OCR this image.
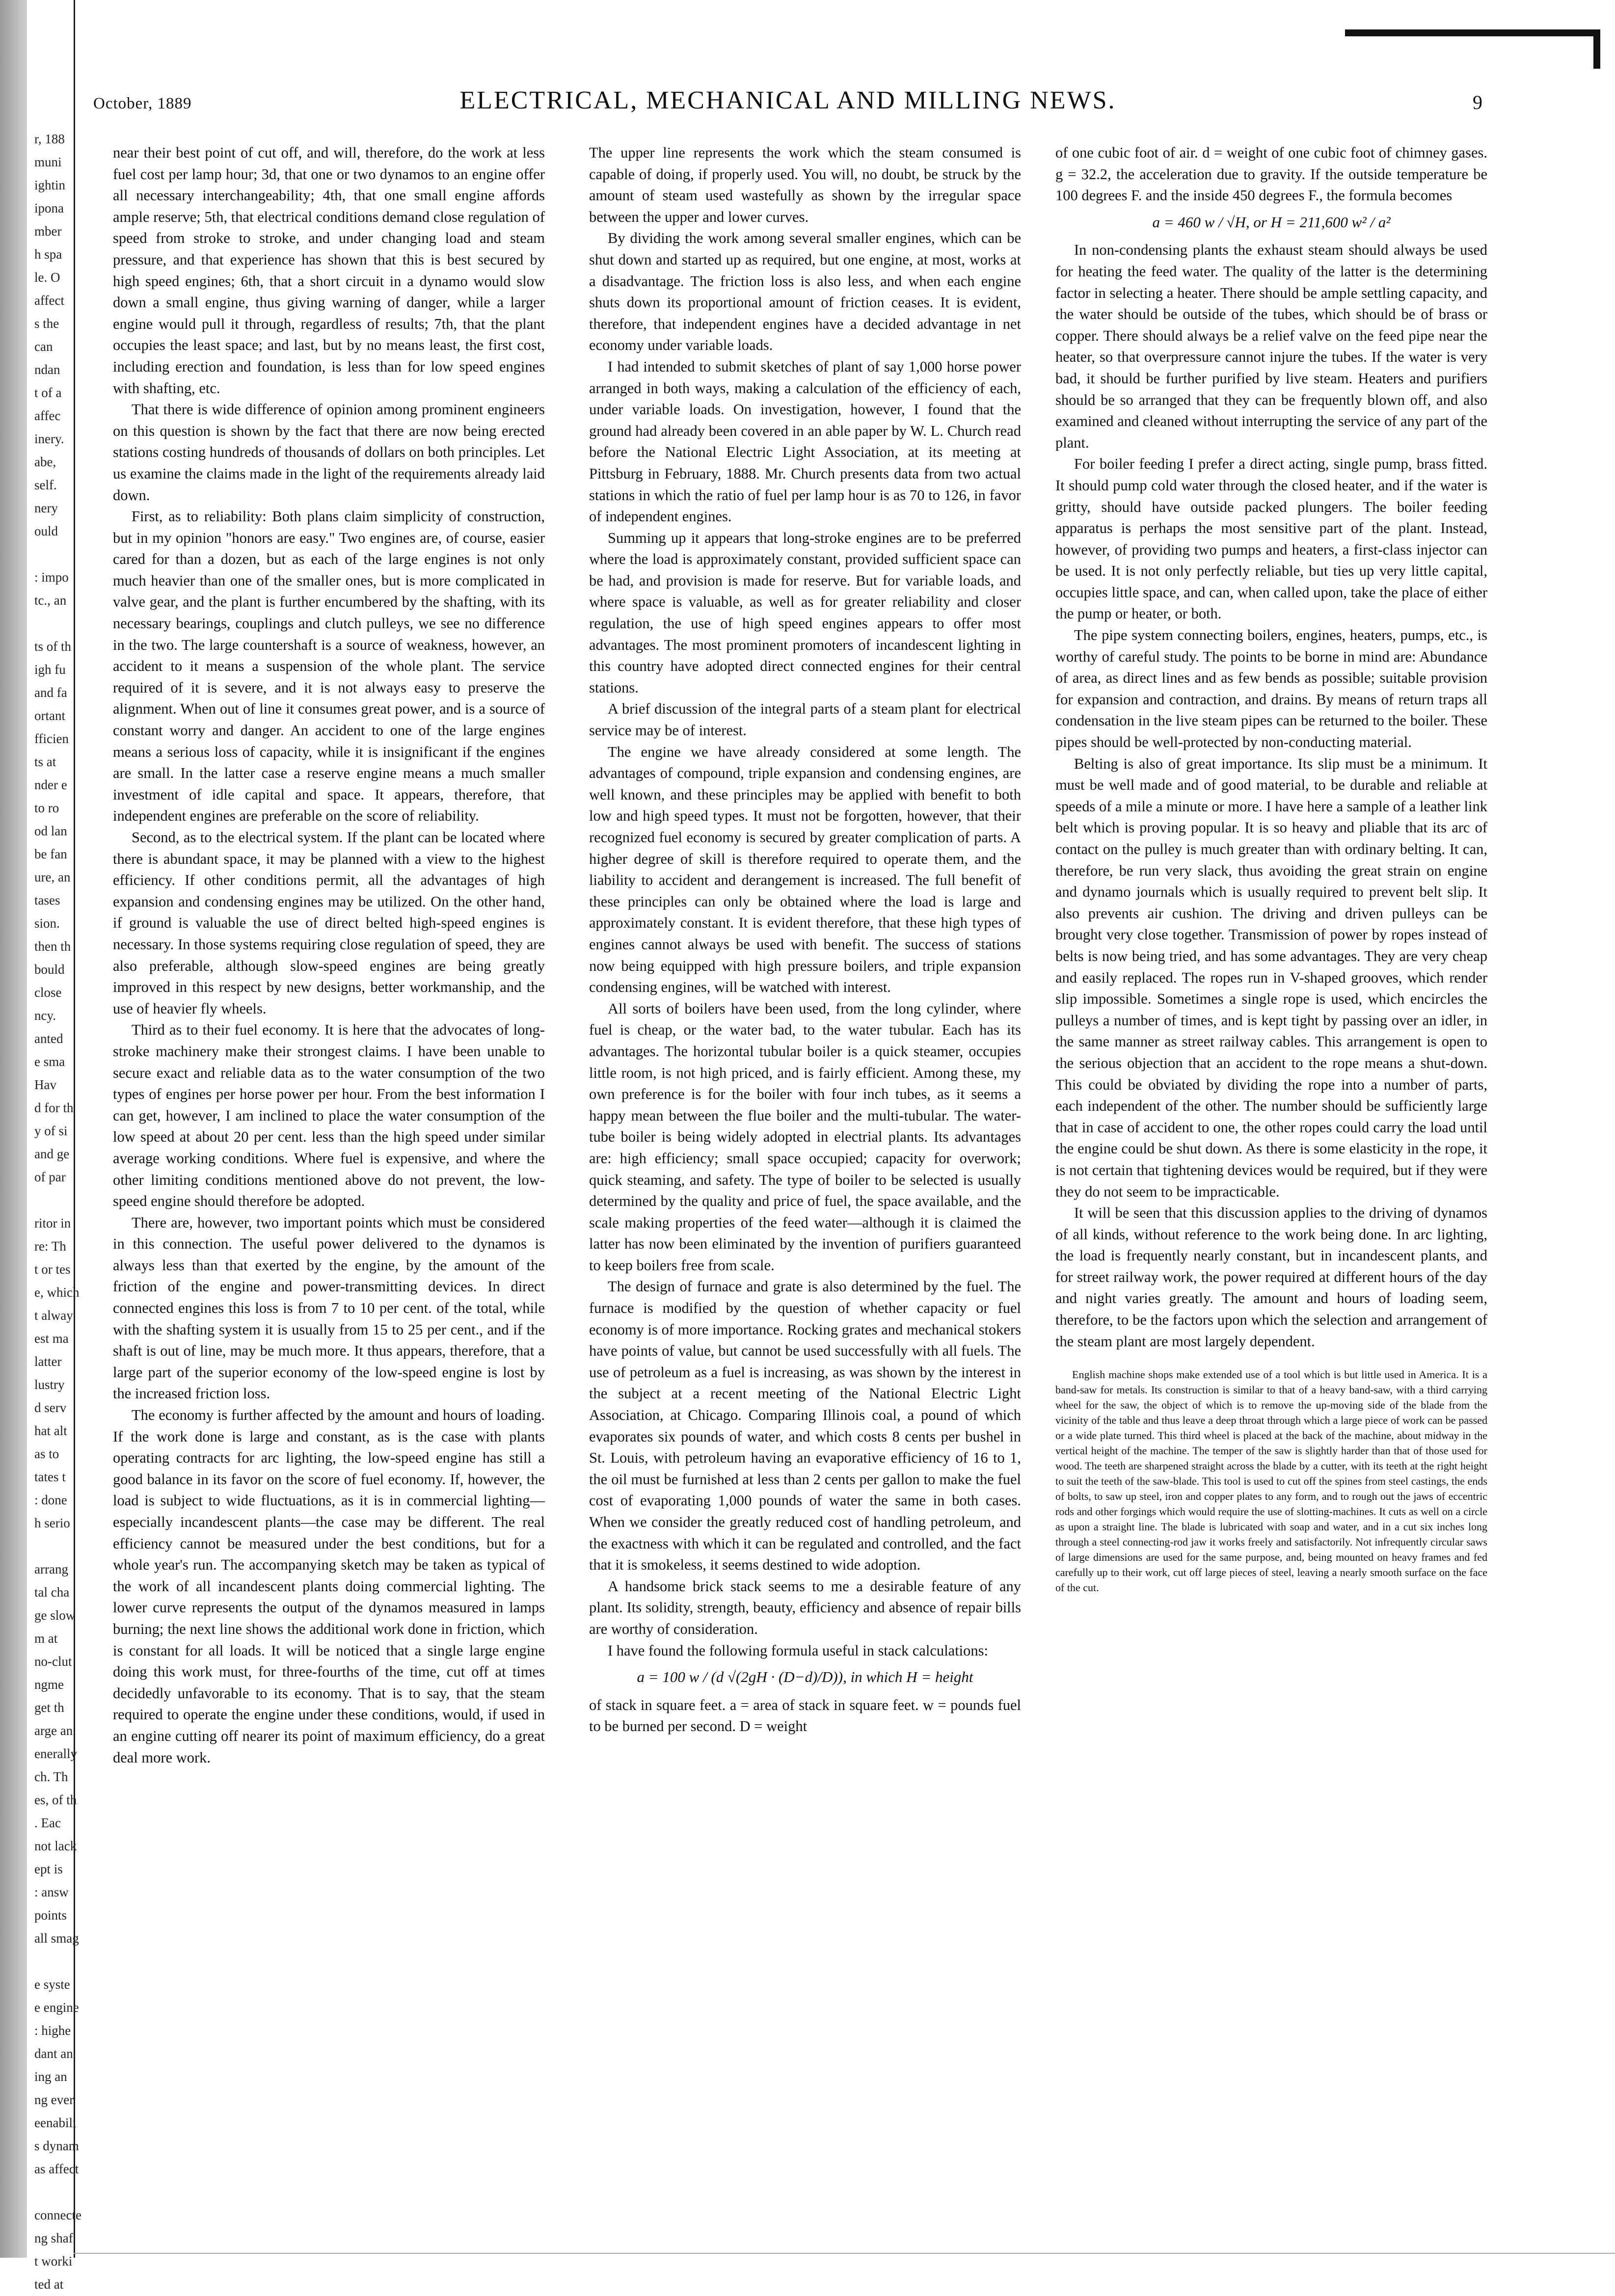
r, 188
muni
ightin
ipona
mber
h spa
le. O
affect
s the
can
ndan
t of a
affec
inery.
abe,
self.
nery
ould

: impo
tc., an

ts of th
igh fu
and fa
ortant
fficien
ts at
nder e
to ro
od lan
be fan
ure, an
tases
sion.
then th
bould
close
ncy.
anted
e sma
Hav
d for th
y of si
and ge
of par

ritor in
re: Th
t or tes
e, which
t alway
est ma
latter
lustry
d serv
hat alt
as to
tates t
: done
h serio

arrang
tal cha
ge slow
m at
no-clut
ngme
get th
arge an
enerally
ch. Th
es, of th
. Eac
not lack
ept is
: answ
points
all smag

e syste
e engine
: highe
dant an
ing an
ng ever
eenabili
s dynam
as affect

connecte
ng shaf
t worki
ted at
October, 1889	ELECTRICAL, MECHANICAL AND MILLING NEWS.	9

near their best point of cut off, and will, therefore, do the work at less fuel cost per lamp hour; 3d, that one or two dynamos to an engine offer all necessary interchangeability; 4th, that one small engine affords ample reserve; 5th, that electrical conditions demand close regulation of speed from stroke to stroke, and under changing load and steam pressure, and that experience has shown that this is best secured by high speed engines; 6th, that a short circuit in a dynamo would slow down a small engine, thus giving warning of danger, while a larger engine would pull it through, regardless of results; 7th, that the plant occupies the least space; and last, but by no means least, the first cost, including erection and foundation, is less than for low speed engines with shafting, etc.

That there is wide difference of opinion among prominent engineers on this question is shown by the fact that there are now being erected stations costing hundreds of thousands of dollars on both principles. Let us examine the claims made in the light of the requirements already laid down.

First, as to reliability: Both plans claim simplicity of construction, but in my opinion "honors are easy." Two engines are, of course, easier cared for than a dozen, but as each of the large engines is not only much heavier than one of the smaller ones, but is more complicated in valve gear, and the plant is further encumbered by the shafting, with its necessary bearings, couplings and clutch pulleys, we see no difference in the two. The large countershaft is a source of weakness, however, an accident to it means a suspension of the whole plant. The service required of it is severe, and it is not always easy to preserve the alignment. When out of line it consumes great power, and is a source of constant worry and danger. An accident to one of the large engines means a serious loss of capacity, while it is insignificant if the engines are small. In the latter case a reserve engine means a much smaller investment of idle capital and space. It appears, therefore, that independent engines are preferable on the score of reliability.

Second, as to the electrical system. If the plant can be located where there is abundant space, it may be planned with a view to the highest efficiency. If other conditions permit, all the advantages of high expansion and condensing engines may be utilized. On the other hand, if ground is valuable the use of direct belted high-speed engines is necessary. In those systems requiring close regulation of speed, they are also preferable, although slow-speed engines are being greatly improved in this respect by new designs, better workmanship, and the use of heavier fly wheels.

Third as to their fuel economy. It is here that the advocates of long-stroke machinery make their strongest claims. I have been unable to secure exact and reliable data as to the water consumption of the two types of engines per horse power per hour. From the best information I can get, however, I am inclined to place the water consumption of the low speed at about 20 per cent. less than the high speed under similar average working conditions. Where fuel is expensive, and where the other limiting conditions mentioned above do not prevent, the low-speed engine should therefore be adopted.

There are, however, two important points which must be considered in this connection. The useful power delivered to the dynamos is always less than that exerted by the engine, by the amount of the friction of the engine and power-transmitting devices. In direct connected engines this loss is from 7 to 10 per cent. of the total, while with the shafting system it is usually from 15 to 25 per cent., and if the shaft is out of line, may be much more. It thus appears, therefore, that a large part of the superior economy of the low-speed engine is lost by the increased friction loss.

The economy is further affected by the amount and hours of loading. If the work done is large and constant, as is the case with plants operating contracts for arc lighting, the low-speed engine has still a good balance in its favor on the score of fuel economy. If, however, the load is subject to wide fluctuations, as it is in commercial lighting—especially incandescent plants—the case may be different. The real efficiency cannot be measured under the best conditions, but for a whole year's run. The accompanying sketch may be taken as typical of the work of all incandescent plants doing commercial lighting. The lower curve represents the output of the dynamos measured in lamps burning; the next line shows the additional work done in friction, which is constant for all loads. It will be noticed that a single large engine doing this work must, for three-fourths of the time, cut off at times decidedly unfavorable to its economy. That is to say, that the steam required to operate the engine under these conditions, would, if used in an engine cutting off nearer its point of maximum efficiency, do a great deal more work.

The upper line represents the work which the steam consumed is capable of doing, if properly used. You will, no doubt, be struck by the amount of steam used wastefully as shown by the irregular space between the upper and lower curves.

By dividing the work among several smaller engines, which can be shut down and started up as required, but one engine, at most, works at a disadvantage. The friction loss is also less, and when each engine shuts down its proportional amount of friction ceases. It is evident, therefore, that independent engines have a decided advantage in net economy under variable loads.

I had intended to submit sketches of plant of say 1,000 horse power arranged in both ways, making a calculation of the efficiency of each, under variable loads. On investigation, however, I found that the ground had already been covered in an able paper by W. L. Church read before the National Electric Light Association, at its meeting at Pittsburg in February, 1888. Mr. Church presents data from two actual stations in which the ratio of fuel per lamp hour is as 70 to 126, in favor of independent engines.

Summing up it appears that long-stroke engines are to be preferred where the load is approximately constant, provided sufficient space can be had, and provision is made for reserve. But for variable loads, and where space is valuable, as well as for greater reliability and closer regulation, the use of high speed engines appears to offer most advantages. The most prominent promoters of incandescent lighting in this country have adopted direct connected engines for their central stations.

A brief discussion of the integral parts of a steam plant for electrical service may be of interest.

The engine we have already considered at some length. The advantages of compound, triple expansion and condensing engines, are well known, and these principles may be applied with benefit to both low and high speed types. It must not be forgotten, however, that their recognized fuel economy is secured by greater complication of parts. A higher degree of skill is therefore required to operate them, and the liability to accident and derangement is increased. The full benefit of these principles can only be obtained where the load is large and approximately constant. It is evident therefore, that these high types of engines cannot always be used with benefit. The success of stations now being equipped with high pressure boilers, and triple expansion condensing engines, will be watched with interest.

All sorts of boilers have been used, from the long cylinder, where fuel is cheap, or the water bad, to the water tubular. Each has its advantages. The horizontal tubular boiler is a quick steamer, occupies little room, is not high priced, and is fairly efficient. Among these, my own preference is for the boiler with four inch tubes, as it seems a happy mean between the flue boiler and the multi-tubular. The water-tube boiler is being widely adopted in electrial plants. Its advantages are: high efficiency; small space occupied; capacity for overwork; quick steaming, and safety. The type of boiler to be selected is usually determined by the quality and price of fuel, the space available, and the scale making properties of the feed water—although it is claimed the latter has now been eliminated by the invention of purifiers guaranteed to keep boilers free from scale.

The design of furnace and grate is also determined by the fuel. The furnace is modified by the question of whether capacity or fuel economy is of more importance. Rocking grates and mechanical stokers have points of value, but cannot be used successfully with all fuels. The use of petroleum as a fuel is increasing, as was shown by the interest in the subject at a recent meeting of the National Electric Light Association, at Chicago. Comparing Illinois coal, a pound of which evaporates six pounds of water, and which costs 8 cents per bushel in St. Louis, with petroleum having an evaporative efficiency of 16 to 1, the oil must be furnished at less than 2 cents per gallon to make the fuel cost of evaporating 1,000 pounds of water the same in both cases. When we consider the greatly reduced cost of handling petroleum, and the exactness with which it can be regulated and controlled, and the fact that it is smokeless, it seems destined to wide adoption.

A handsome brick stack seems to me a desirable feature of any plant. Its solidity, strength, beauty, efficiency and absence of repair bills are worthy of consideration.

I have found the following formula useful in stack calculations:

a = 100 w / (d √(2gH · (D−d)/D)), in which H = height

of stack in square feet. a = area of stack in square feet. w = pounds fuel to be burned per second. D = weight

of one cubic foot of air. d = weight of one cubic foot of chimney gases. g = 32.2, the acceleration due to gravity. If the outside temperature be 100 degrees F. and the inside 450 degrees F., the formula becomes

a = 460 w / √H, or H = 211,600 w² / a²

In non-condensing plants the exhaust steam should always be used for heating the feed water. The quality of the latter is the determining factor in selecting a heater. There should be ample settling capacity, and the water should be outside of the tubes, which should be of brass or copper. There should always be a relief valve on the feed pipe near the heater, so that overpressure cannot injure the tubes. If the water is very bad, it should be further purified by live steam. Heaters and purifiers should be so arranged that they can be frequently blown off, and also examined and cleaned without interrupting the service of any part of the plant.

For boiler feeding I prefer a direct acting, single pump, brass fitted. It should pump cold water through the closed heater, and if the water is gritty, should have outside packed plungers. The boiler feeding apparatus is perhaps the most sensitive part of the plant. Instead, however, of providing two pumps and heaters, a first-class injector can be used. It is not only perfectly reliable, but ties up very little capital, occupies little space, and can, when called upon, take the place of either the pump or heater, or both.

The pipe system connecting boilers, engines, heaters, pumps, etc., is worthy of careful study. The points to be borne in mind are: Abundance of area, as direct lines and as few bends as possible; suitable provision for expansion and contraction, and drains. By means of return traps all condensation in the live steam pipes can be returned to the boiler. These pipes should be well-protected by non-conducting material.

Belting is also of great importance. Its slip must be a minimum. It must be well made and of good material, to be durable and reliable at speeds of a mile a minute or more. I have here a sample of a leather link belt which is proving popular. It is so heavy and pliable that its arc of contact on the pulley is much greater than with ordinary belting. It can, therefore, be run very slack, thus avoiding the great strain on engine and dynamo journals which is usually required to prevent belt slip. It also prevents air cushion. The driving and driven pulleys can be brought very close together. Transmission of power by ropes instead of belts is now being tried, and has some advantages. They are very cheap and easily replaced. The ropes run in V-shaped grooves, which render slip impossible. Sometimes a single rope is used, which encircles the pulleys a number of times, and is kept tight by passing over an idler, in the same manner as street railway cables. This arrangement is open to the serious objection that an accident to the rope means a shut-down. This could be obviated by dividing the rope into a number of parts, each independent of the other. The number should be sufficiently large that in case of accident to one, the other ropes could carry the load until the engine could be shut down. As there is some elasticity in the rope, it is not certain that tightening devices would be required, but if they were they do not seem to be impracticable.

It will be seen that this discussion applies to the driving of dynamos of all kinds, without reference to the work being done. In arc lighting, the load is frequently nearly constant, but in incandescent plants, and for street railway work, the power required at different hours of the day and night varies greatly. The amount and hours of loading seem, therefore, to be the factors upon which the selection and arrangement of the steam plant are most largely dependent.

English machine shops make extended use of a tool which is but little used in America. It is a band-saw for metals. Its construction is similar to that of a heavy band-saw, with a third carrying wheel for the saw, the object of which is to remove the up-moving side of the blade from the vicinity of the table and thus leave a deep throat through which a large piece of work can be passed or a wide plate turned. This third wheel is placed at the back of the machine, about midway in the vertical height of the machine. The temper of the saw is slightly harder than that of those used for wood. The teeth are sharpened straight across the blade by a cutter, with its teeth at the right height to suit the teeth of the saw-blade. This tool is used to cut off the spines from steel castings, the ends of bolts, to saw up steel, iron and copper plates to any form, and to rough out the jaws of eccentric rods and other forgings which would require the use of slotting-machines. It cuts as well on a circle as upon a straight line. The blade is lubricated with soap and water, and in a cut six inches long through a steel connecting-rod jaw it works freely and satisfactorily. Not infrequently circular saws of large dimensions are used for the same purpose, and, being mounted on heavy frames and fed carefully up to their work, cut off large pieces of steel, leaving a nearly smooth surface on the face of the cut.
